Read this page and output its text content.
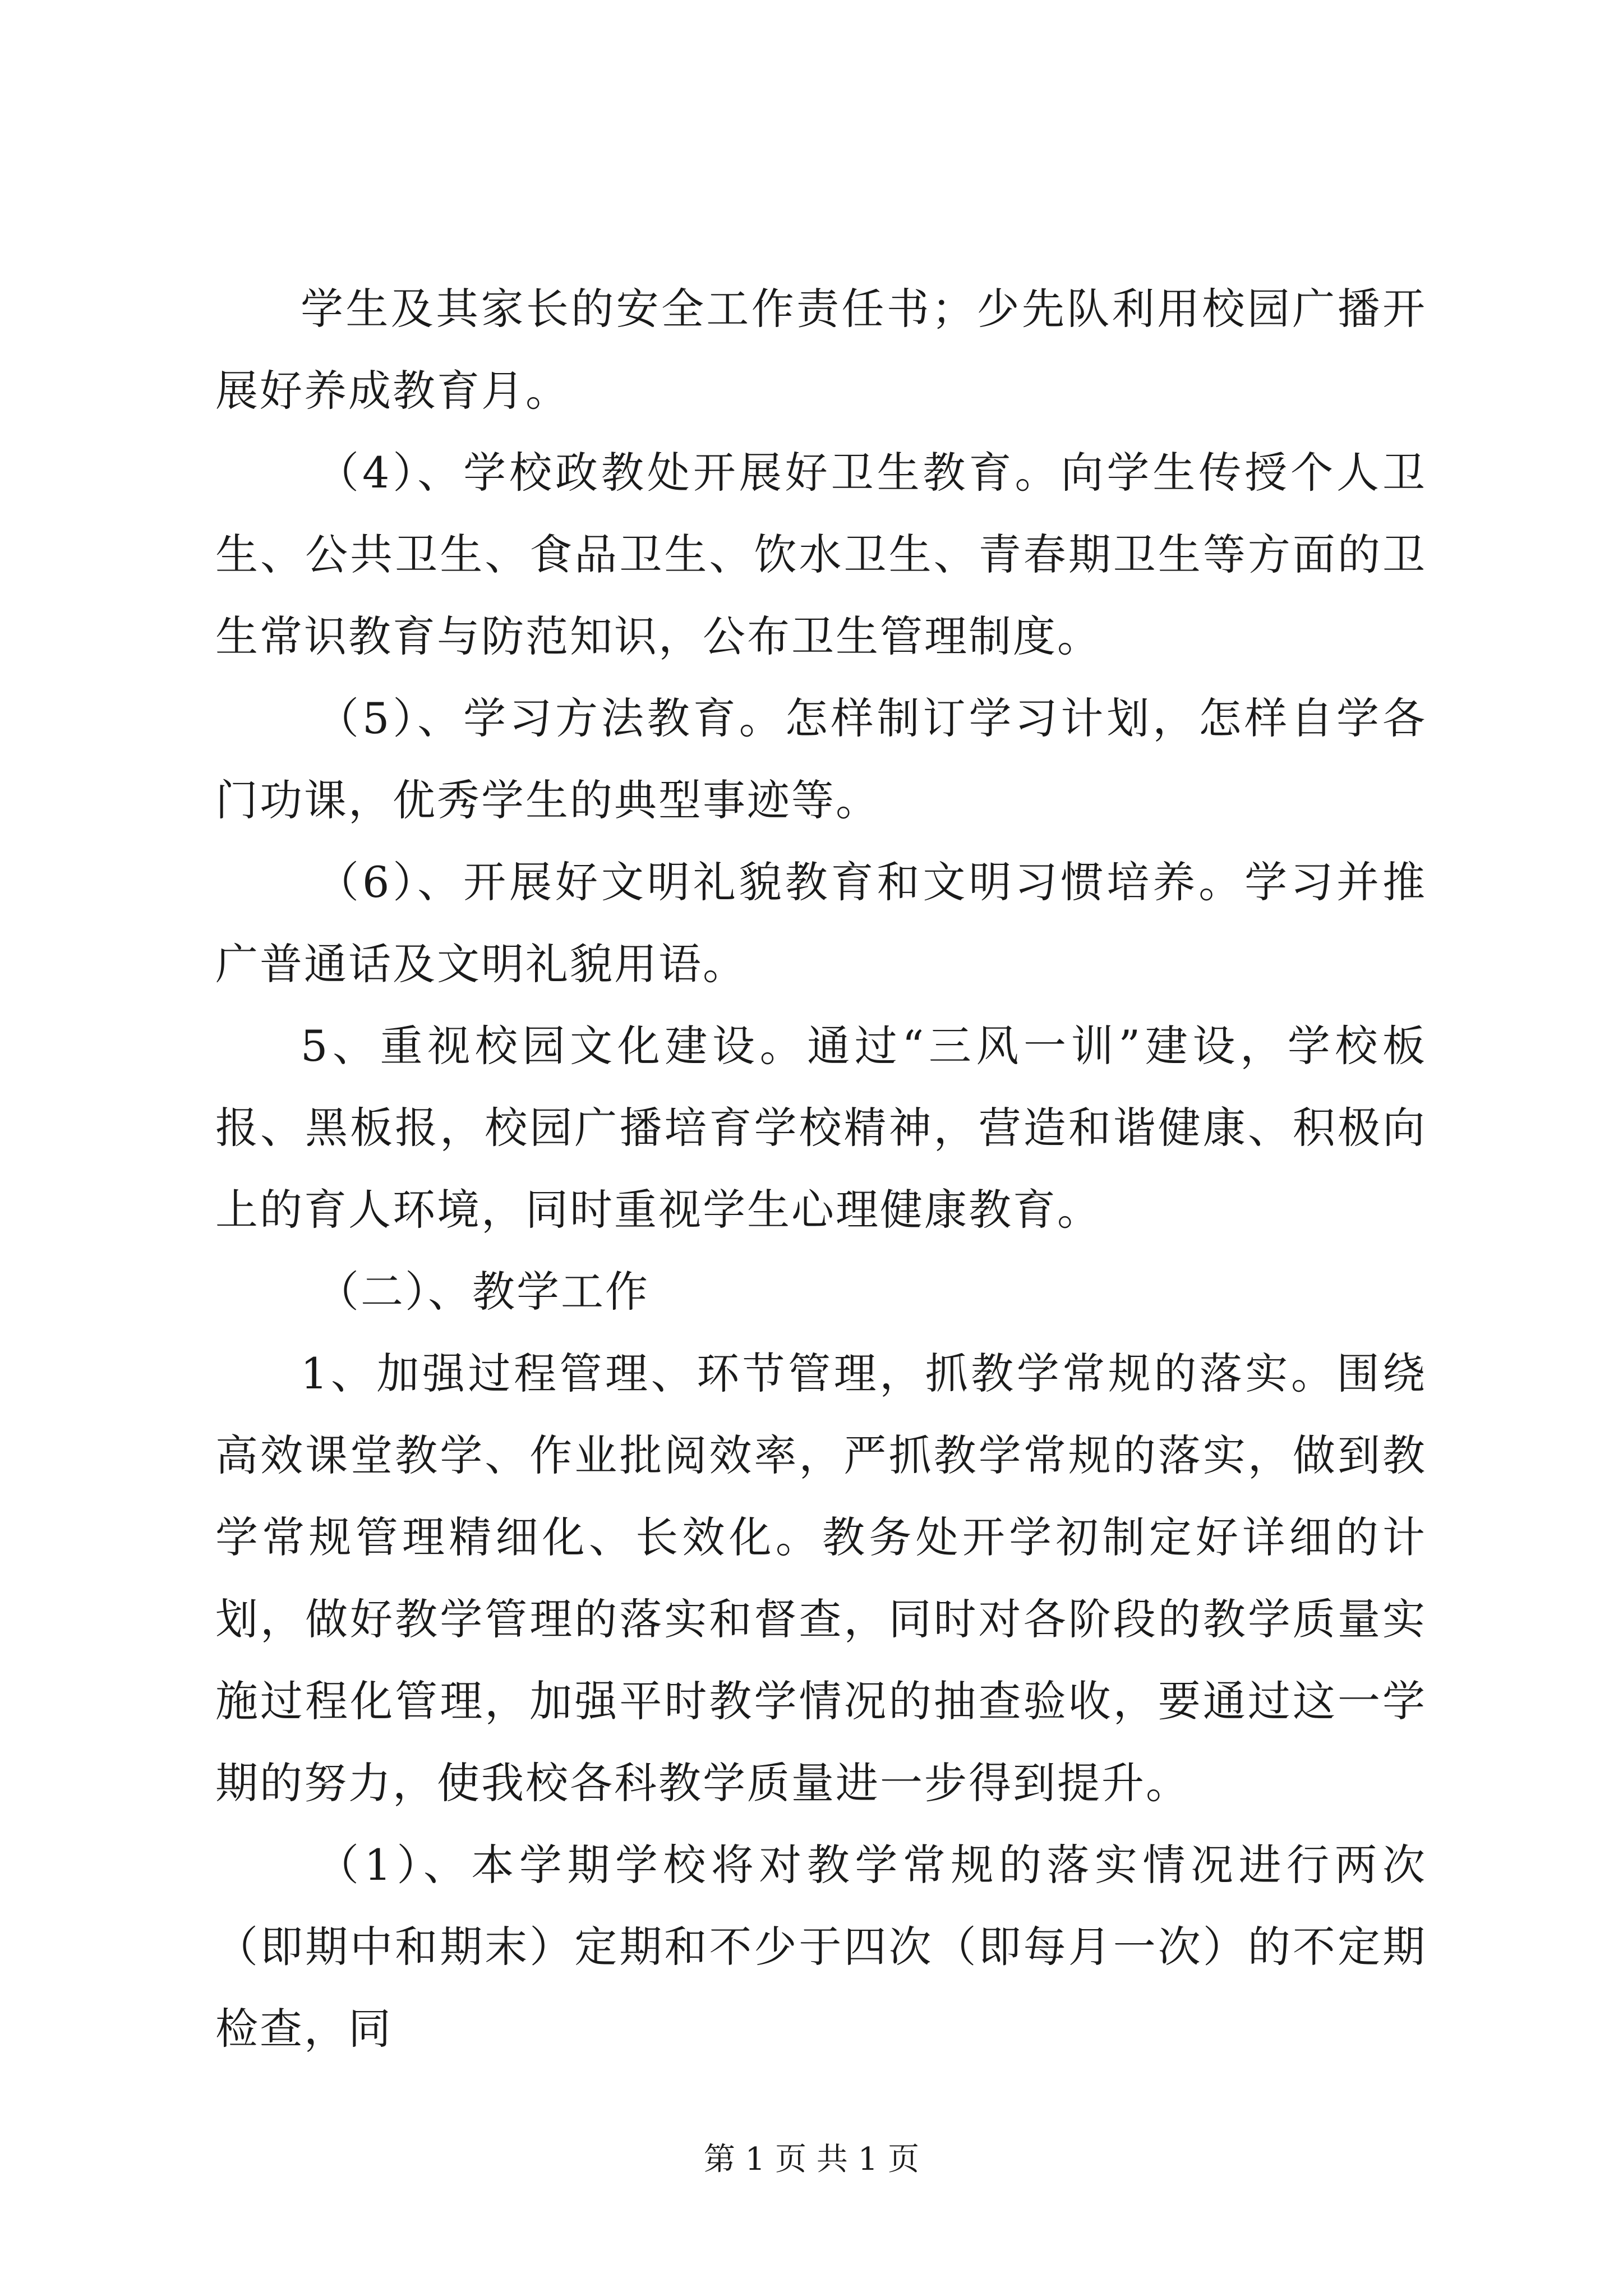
学生及其家长的安全工作责任书；少先队利用校园广播开展好养成教育月。

（4）、学校政教处开展好卫生教育。向学生传授个人卫生、公共卫生、食品卫生、饮水卫生、青春期卫生等方面的卫生常识教育与防范知识，公布卫生管理制度。

（5）、学习方法教育。怎样制订学习计划，怎样自学各门功课，优秀学生的典型事迹等。

（6）、开展好文明礼貌教育和文明习惯培养。学习并推广普通话及文明礼貌用语。

5、重视校园文化建设。通过“三风一训”建设，学校板报、黑板报，校园广播培育学校精神，营造和谐健康、积极向上的育人环境，同时重视学生心理健康教育。

（二）、教学工作

1、加强过程管理、环节管理，抓教学常规的落实。围绕高效课堂教学、作业批阅效率，严抓教学常规的落实，做到教学常规管理精细化、长效化。教务处开学初制定好详细的计划，做好教学管理的落实和督查，同时对各阶段的教学质量实施过程化管理，加强平时教学情况的抽查验收，要通过这一学期的努力，使我校各科教学质量进一步得到提升。

（1）、本学期学校将对教学常规的落实情况进行两次（即期中和期末）定期和不少于四次（即每月一次）的不定期检查，同

第 1 页 共 1 页
